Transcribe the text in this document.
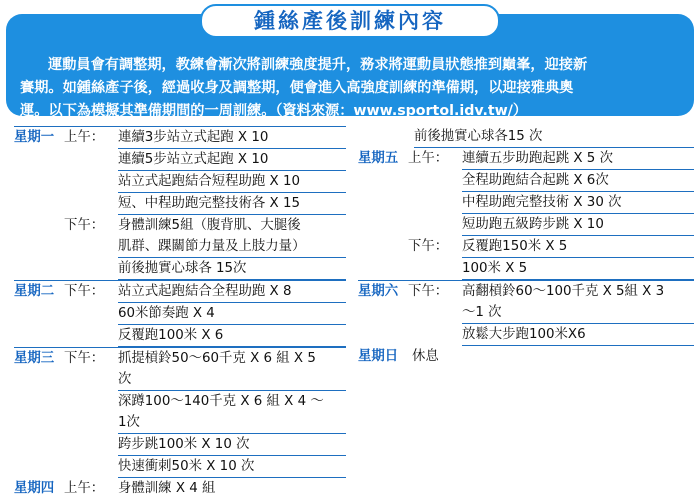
運動員會有調整期，教練會漸次將訓練強度提升，務求將運動員狀態推到巔峯，迎接新
賽期。如鍾絲產子後，經過收身及調整期，便會進入高強度訓練的準備期，以迎接雅典奧
運。以下為模擬其準備期間的一周訓練。（資料來源：www.sportol.idv.tw/）
鍾絲產後訓練內容
星期一 上午：	連續3步站立式起跑 X 10
連續5步站立式起跑 X 10
站立式起跑結合短程助跑 X 10
短、中程助跑完整技術各 X 15
下午：	身體訓練5組（腹背肌、大腿後
肌群、踝關節力量及上肢力量）
前後拋實心球各 15次
星期二 下午：	站立式起跑結合全程助跑 X 8
60米節奏跑 X 4
反覆跑100米 X 6
星期三 下午：	抓提槓鈴50～60千克 X 6 組 X 5
次
深蹲100～140千克 X 6 組 X 4 ～
1次
跨步跳100米 X 10 次
快速衝刺50米 X 10 次
星期四 上午：	身體訓練 X 4 組
前後拋實心球各15 次
星期五 上午：	連續五步助跑起跳 X 5 次
全程助跑結合起跳 X 6次
中程助跑完整技術 X 30 次
短助跑五級跨步跳 X 10
下午：	反覆跑150米 X 5
100米 X 5
星期六 下午：	高翻槓鈴60～100千克 X 5組 X 3
～1 次
放鬆大步跑100米X6
星期日 休息
